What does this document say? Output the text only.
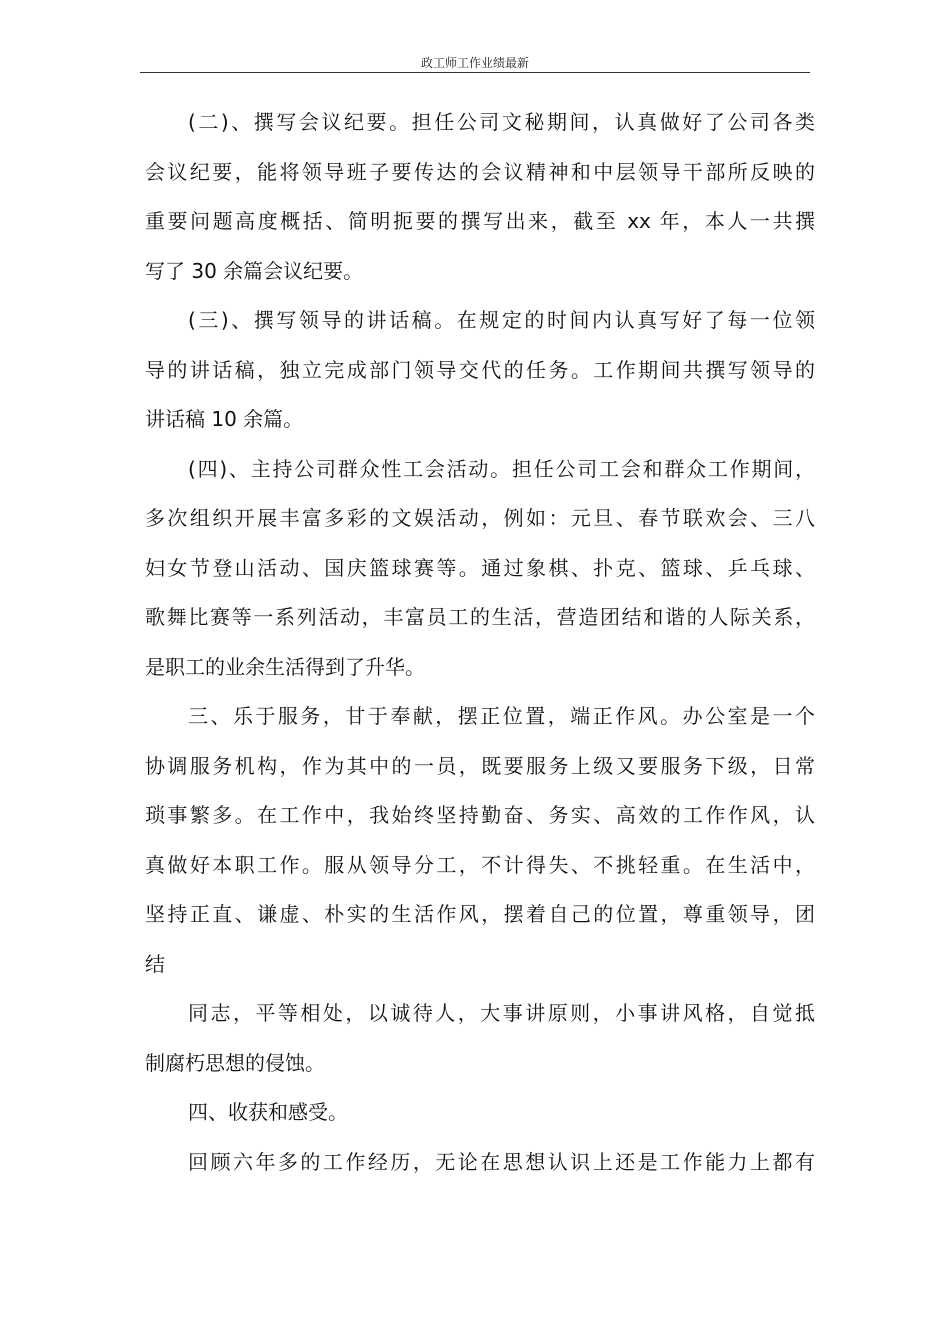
政工师工作业绩最新
(二)、撰写会议纪要。担任公司文秘期间，认真做好了公司各类
会议纪要，能将领导班子要传达的会议精神和中层领导干部所反映的
重要问题高度概括、简明扼要的撰写出来，截至 xx 年，本人一共撰
写了 30 余篇会议纪要。
(三)、撰写领导的讲话稿。在规定的时间内认真写好了每一位领
导的讲话稿，独立完成部门领导交代的任务。工作期间共撰写领导的
讲话稿 10 余篇。
(四)、主持公司群众性工会活动。担任公司工会和群众工作期间，
多次组织开展丰富多彩的文娱活动，例如：元旦、春节联欢会、三八
妇女节登山活动、国庆篮球赛等。通过象棋、扑克、篮球、乒乓球、
歌舞比赛等一系列活动，丰富员工的生活，营造团结和谐的人际关系，
是职工的业余生活得到了升华。
三、乐于服务，甘于奉献，摆正位置，端正作风。办公室是一个
协调服务机构，作为其中的一员，既要服务上级又要服务下级，日常
琐事繁多。在工作中，我始终坚持勤奋、务实、高效的工作作风，认
真做好本职工作。服从领导分工，不计得失、不挑轻重。在生活中，
坚持正直、谦虚、朴实的生活作风，摆着自己的位置，尊重领导，团
结
同志，平等相处，以诚待人，大事讲原则，小事讲风格，自觉抵
制腐朽思想的侵蚀。
四、收获和感受。
回顾六年多的工作经历，无论在思想认识上还是工作能力上都有
